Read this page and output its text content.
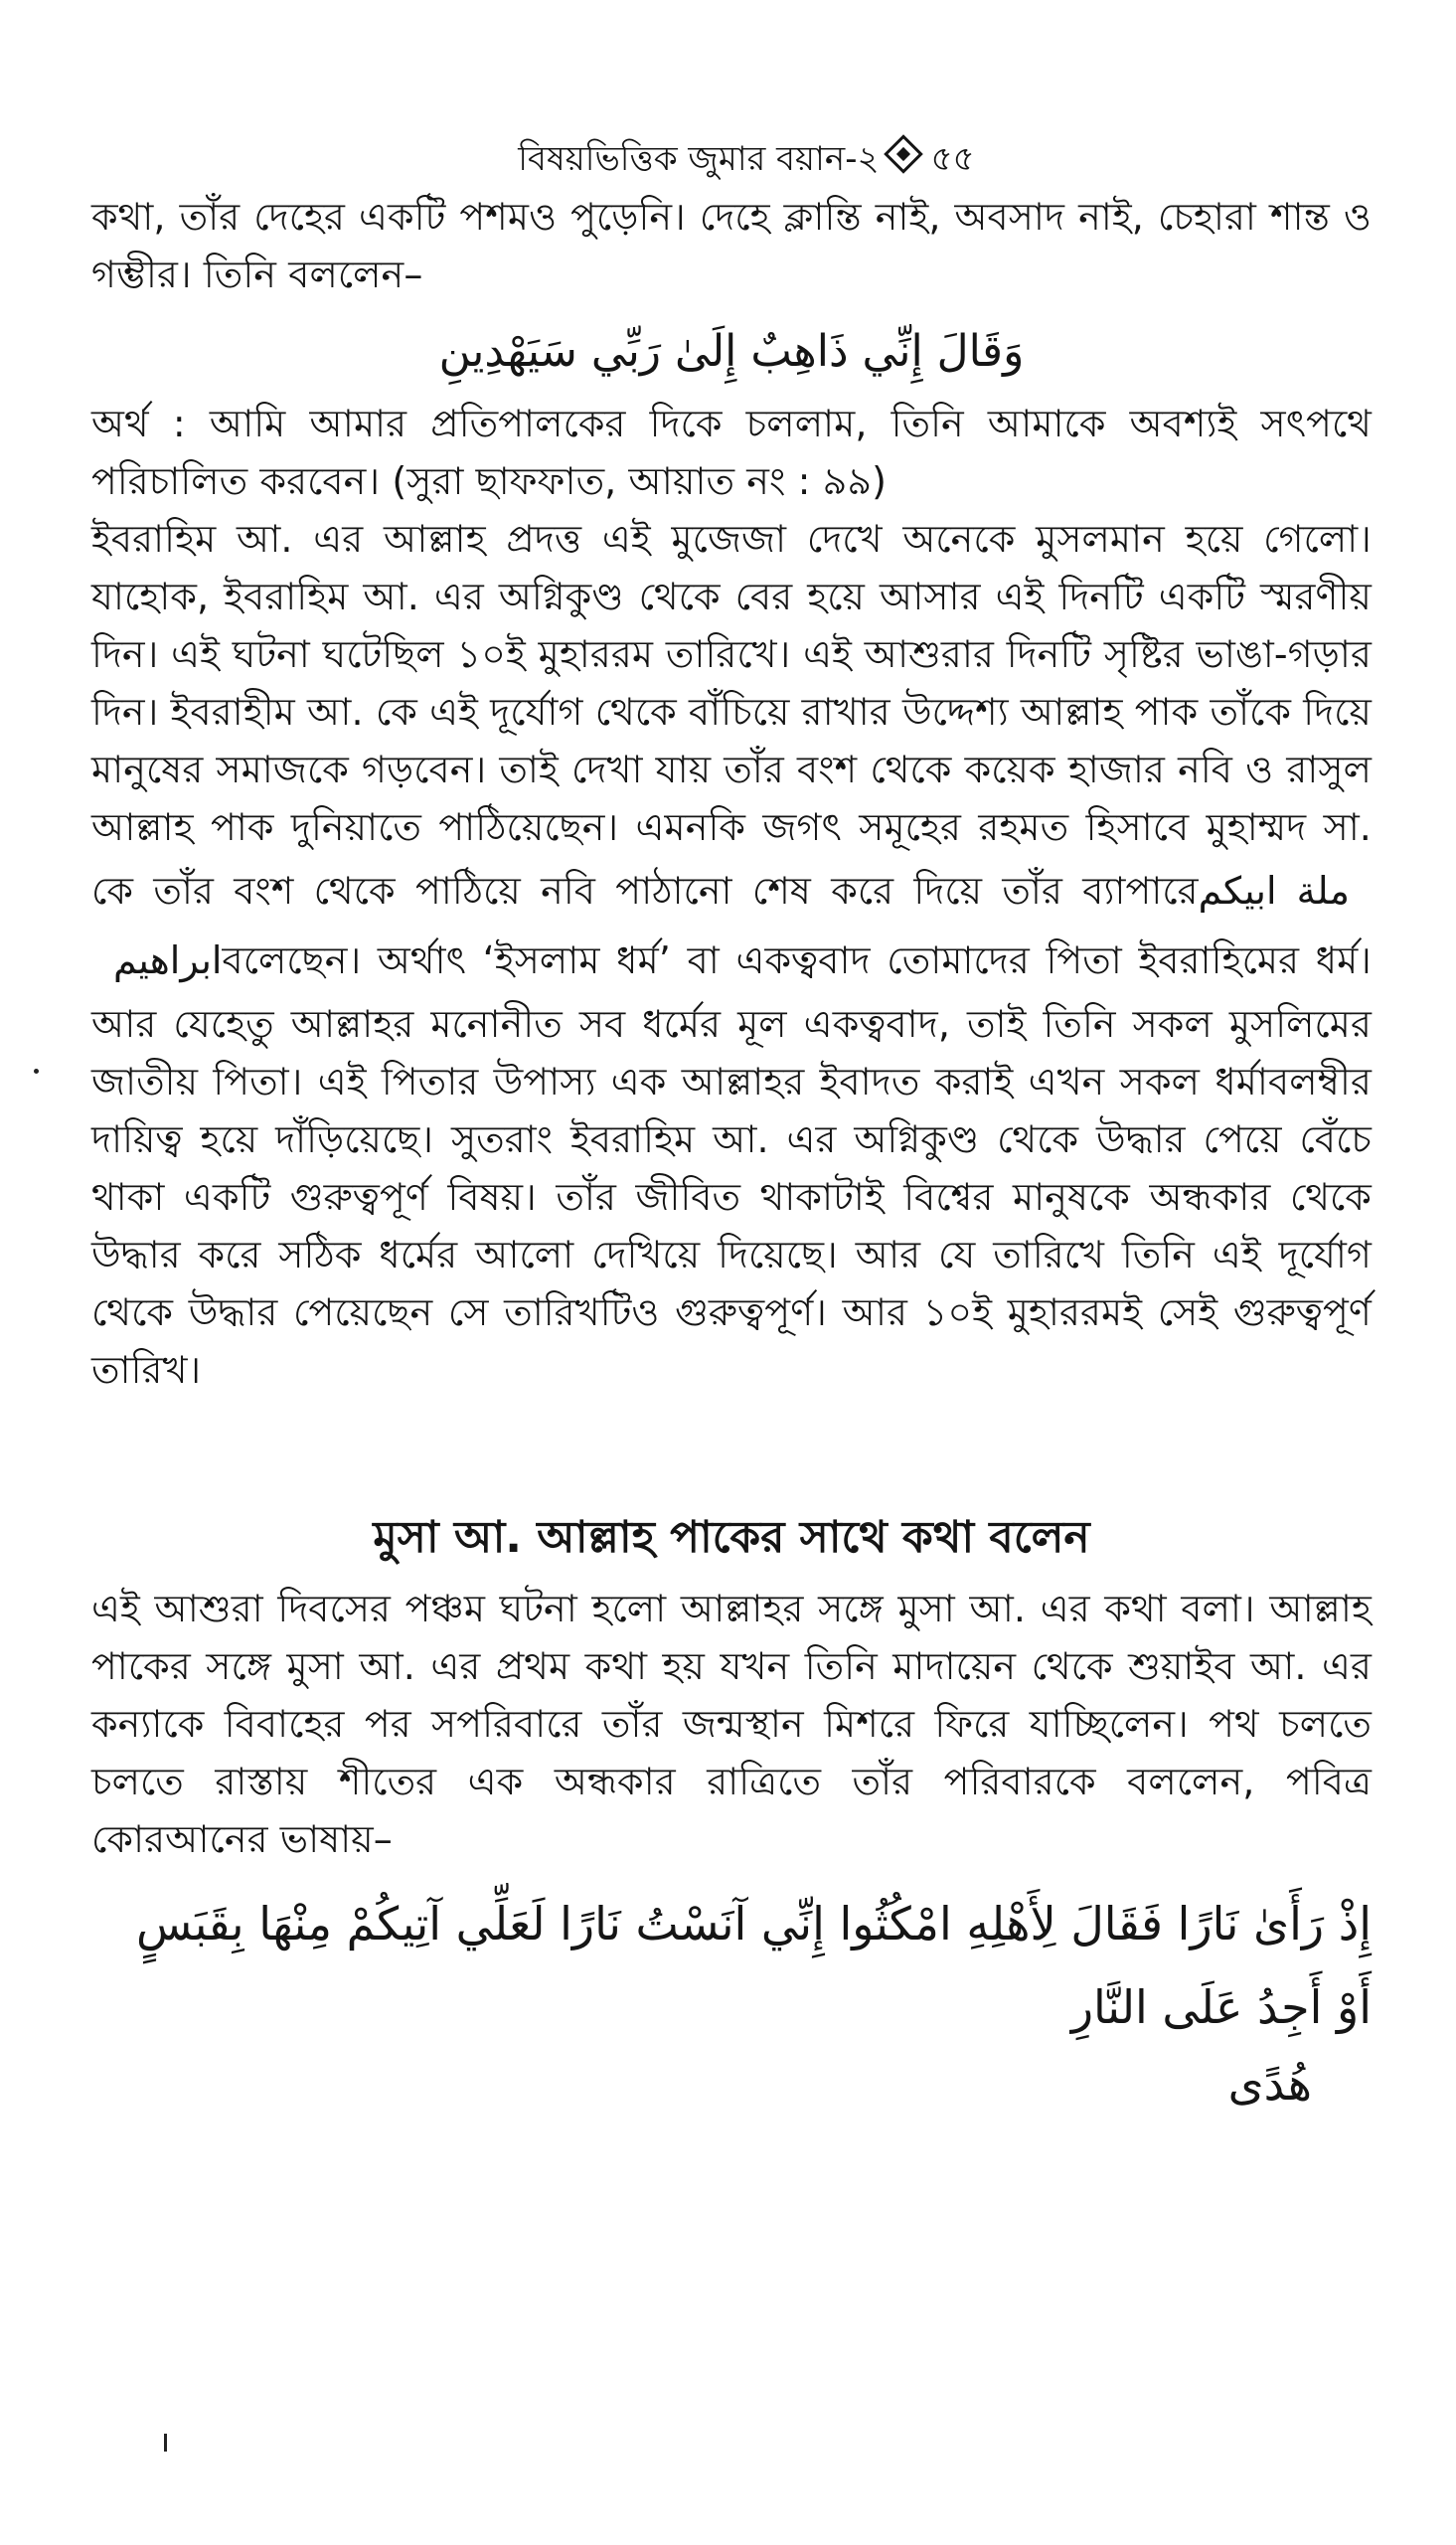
বিষয়ভিত্তিক জুমার বয়ান-২ ৫৫

কথা, তাঁর দেহের একটি পশমও পুড়েনি। দেহে ক্লান্তি নাই, অবসাদ নাই, চেহারা শান্ত ও গম্ভীর। তিনি বললেন–

وَقَالَ إِنِّي ذَاهِبٌ إِلَىٰ رَبِّي سَيَهْدِينِ

অর্থ : আমি আমার প্রতিপালকের দিকে চললাম, তিনি আমাকে অবশ্যই সৎপথে পরিচালিত করবেন। (সুরা ছাফফাত, আয়াত নং : ৯৯)

ইবরাহিম আ. এর আল্লাহ প্রদত্ত এই মুজেজা দেখে অনেকে মুসলমান হয়ে গেলো। যাহোক, ইবরাহিম আ. এর অগ্নিকুণ্ড থেকে বের হয়ে আসার এই দিনটি একটি স্মরণীয় দিন। এই ঘটনা ঘটেছিল ১০ই মুহাররম তারিখে। এই আশুরার দিনটি সৃষ্টির ভাঙা-গড়ার দিন। ইবরাহীম আ. কে এই দূর্যোগ থেকে বাঁচিয়ে রাখার উদ্দেশ্য আল্লাহ পাক তাঁকে দিয়ে মানুষের সমাজকে গড়বেন। তাই দেখা যায় তাঁর বংশ থেকে কয়েক হাজার নবি ও রাসুল আল্লাহ পাক দুনিয়াতে পাঠিয়েছেন। এমনকি জগৎ সমূহের রহমত হিসাবে মুহাম্মদ সা. কে তাঁর বংশ থেকে পাঠিয়ে নবি পাঠানো শেষ করে দিয়ে তাঁর ব্যাপারেملة ابيكم ابراهيمবলেছেন। অর্থাৎ ‘ইসলাম ধর্ম’ বা একত্ববাদ তোমাদের পিতা ইবরাহিমের ধর্ম। আর যেহেতু আল্লাহর মনোনীত সব ধর্মের মূল একত্ববাদ, তাই তিনি সকল মুসলিমের জাতীয় পিতা। এই পিতার উপাস্য এক আল্লাহর ইবাদত করাই এখন সকল ধর্মাবলম্বীর দায়িত্ব হয়ে দাঁড়িয়েছে। সুতরাং ইবরাহিম আ. এর অগ্নিকুণ্ড থেকে উদ্ধার পেয়ে বেঁচে থাকা একটি গুরুত্বপূর্ণ বিষয়। তাঁর জীবিত থাকাটাই বিশ্বের মানুষকে অন্ধকার থেকে উদ্ধার করে সঠিক ধর্মের আলো দেখিয়ে দিয়েছে। আর যে তারিখে তিনি এই দূর্যোগ থেকে উদ্ধার পেয়েছেন সে তারিখটিও গুরুত্বপূর্ণ। আর ১০ই মুহাররমই সেই গুরুত্বপূর্ণ তারিখ।

মুসা আ. আল্লাহ পাকের সাথে কথা বলেন

এই আশুরা দিবসের পঞ্চম ঘটনা হলো আল্লাহর সঙ্গে মুসা আ. এর কথা বলা। আল্লাহ পাকের সঙ্গে মুসা আ. এর প্রথম কথা হয় যখন তিনি মাদায়েন থেকে শুয়াইব আ. এর কন্যাকে বিবাহের পর সপরিবারে তাঁর জন্মস্থান মিশরে ফিরে যাচ্ছিলেন। পথ চলতে চলতে রাস্তায় শীতের এক অন্ধকার রাত্রিতে তাঁর পরিবারকে বললেন, পবিত্র কোরআনের ভাষায়–

إِذْ رَأَىٰ نَارًا فَقَالَ لِأَهْلِهِ امْكُثُوا إِنِّي آنَسْتُ نَارًا لَعَلِّي آتِيكُمْ مِنْهَا بِقَبَسٍ أَوْ أَجِدُ عَلَى النَّارِ
هُدًى
